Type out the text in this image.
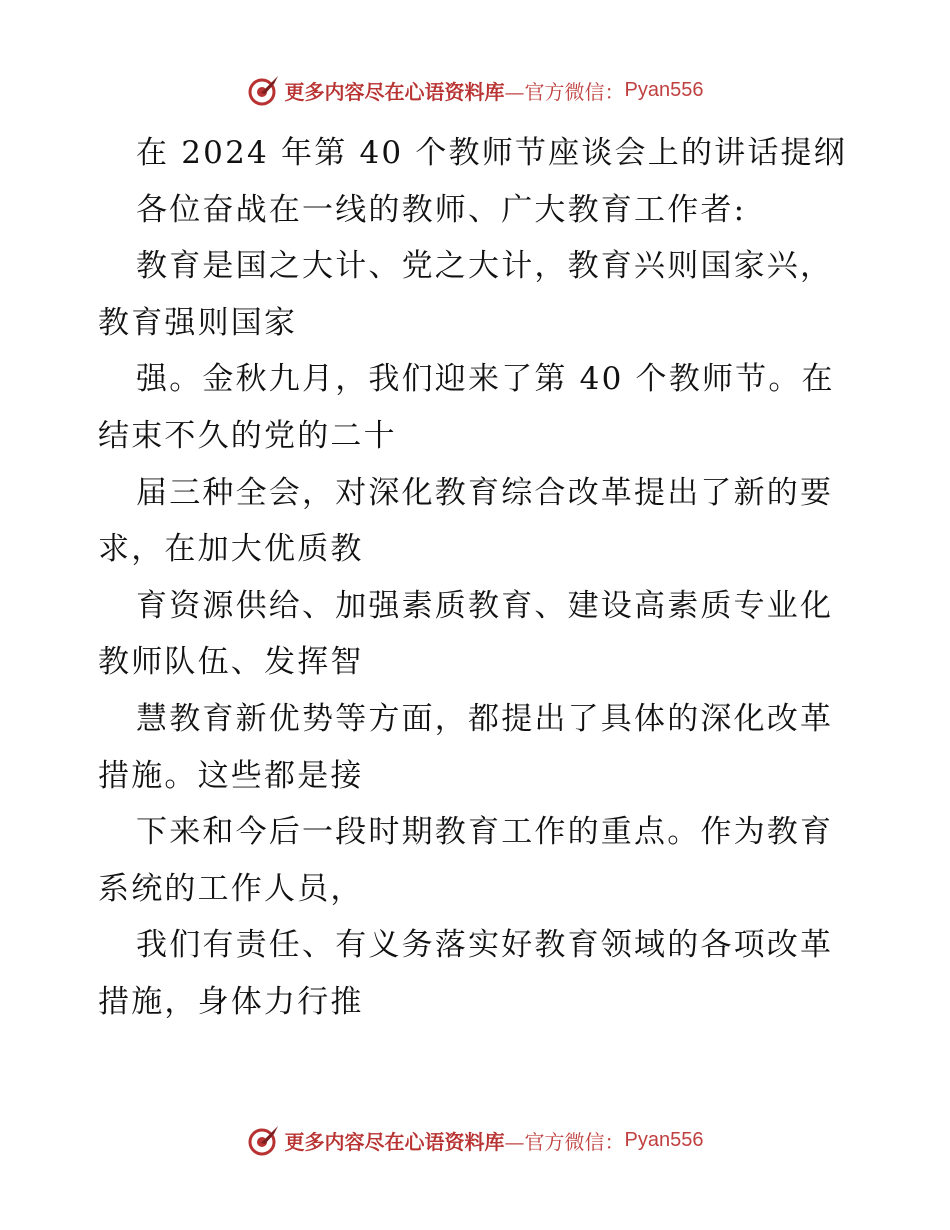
更多内容尽在心语资料库 —官方微信： Pyan556
在 2024 年第 40 个教师节座谈会上的讲话提纲
各位奋战在一线的教师、广大教育工作者:
教育是国之大计、党之大计，教育兴则国家兴，
教育强则国家
强。金秋九月，我们迎来了第 40 个教师节。在
结束不久的党的二十
届三种全会，对深化教育综合改革提出了新的要
求，在加大优质教
育资源供给、加强素质教育、建设高素质专业化
教师队伍、发挥智
慧教育新优势等方面，都提出了具体的深化改革
措施。这些都是接
下来和今后一段时期教育工作的重点。作为教育
系统的工作人员，
我们有责任、有义务落实好教育领域的各项改革
措施，身体力行推
更多内容尽在心语资料库 —官方微信： Pyan556
